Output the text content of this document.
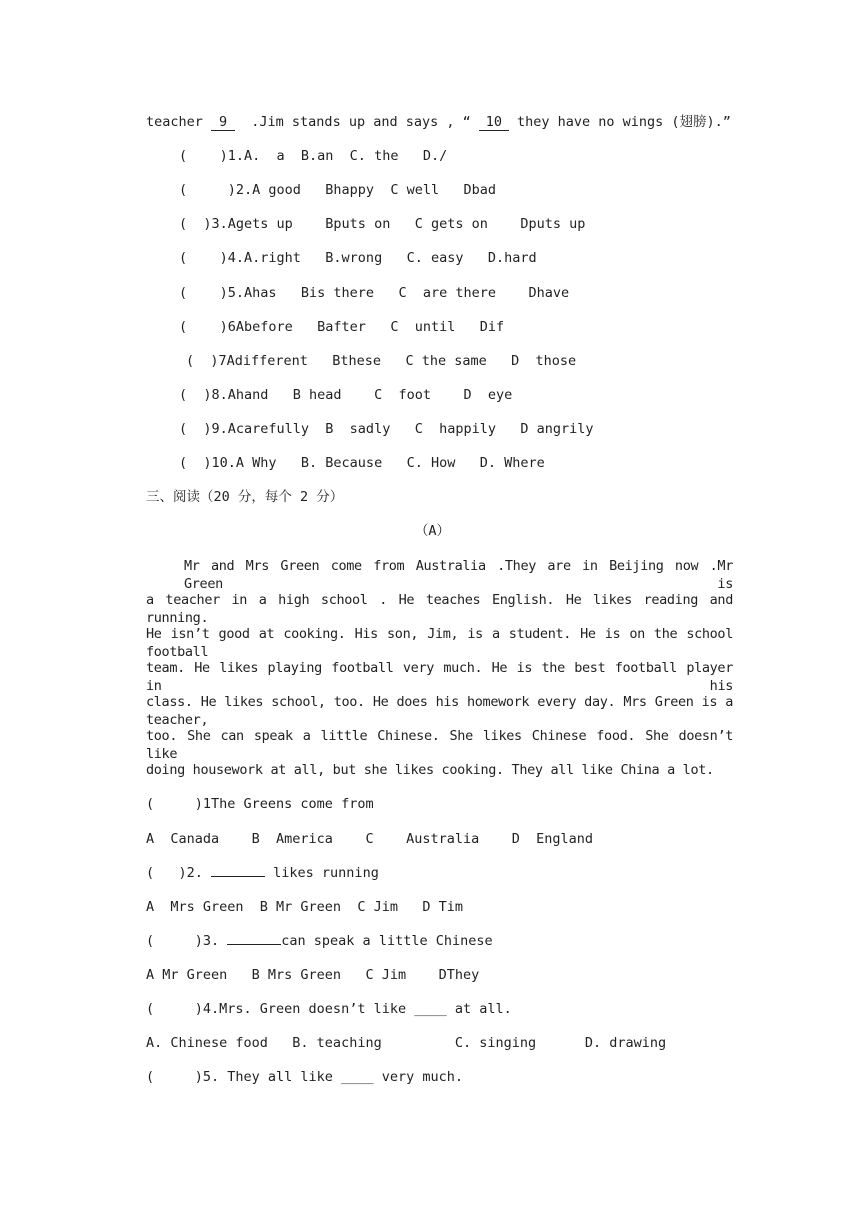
teacher 9  .Jim stands up and says , “ 10 they have no wings (翅膀).”
(    )1.A.  a  B.an  C. the   D./
(     )2.A good   Bhappy  C well   Dbad
(  )3.Agets up    Bputs on   C gets on    Dputs up
(    )4.A.right   B.wrong   C. easy   D.hard
(    )5.Ahas   Bis there   C  are there    Dhave
(    )6Abefore   Bafter   C  until   Dif
(  )7Adifferent   Bthese   C the same   D  those
(  )8.Ahand   B head    C  foot    D  eye
(  )9.Acarefully  B  sadly   C  happily   D angrily
(  )10.A Why   B. Because   C. How   D. Where
三、阅读（20 分，每个 2 分）
（A）
Mr and Mrs Green come from Australia .They are in Beijing now .Mr Green is
a teacher in a high school . He teaches English. He likes reading and running.
He isn’t good at cooking. His son, Jim, is a student. He is on the school football
team. He likes playing football very much. He is the best football player in his
class. He likes school, too. He does his homework every day. Mrs Green is a teacher,
too. She can speak a little Chinese. She likes Chinese food. She doesn’t like
doing housework at all, but she likes cooking. They all like China a lot.
(     )1The Greens come from
A  Canada    B  America    C    Australia    D  England
(   )2.	likes running
A  Mrs Green  B Mr Green  C Jim   D Tim
(     )3.	can speak a little Chinese
A Mr Green   B Mrs Green   C Jim    DThey
(     )4.Mrs. Green doesn’t like ____ at all.
A. Chinese food   B. teaching         C. singing      D. drawing
(     )5. They all like ____ very much.
